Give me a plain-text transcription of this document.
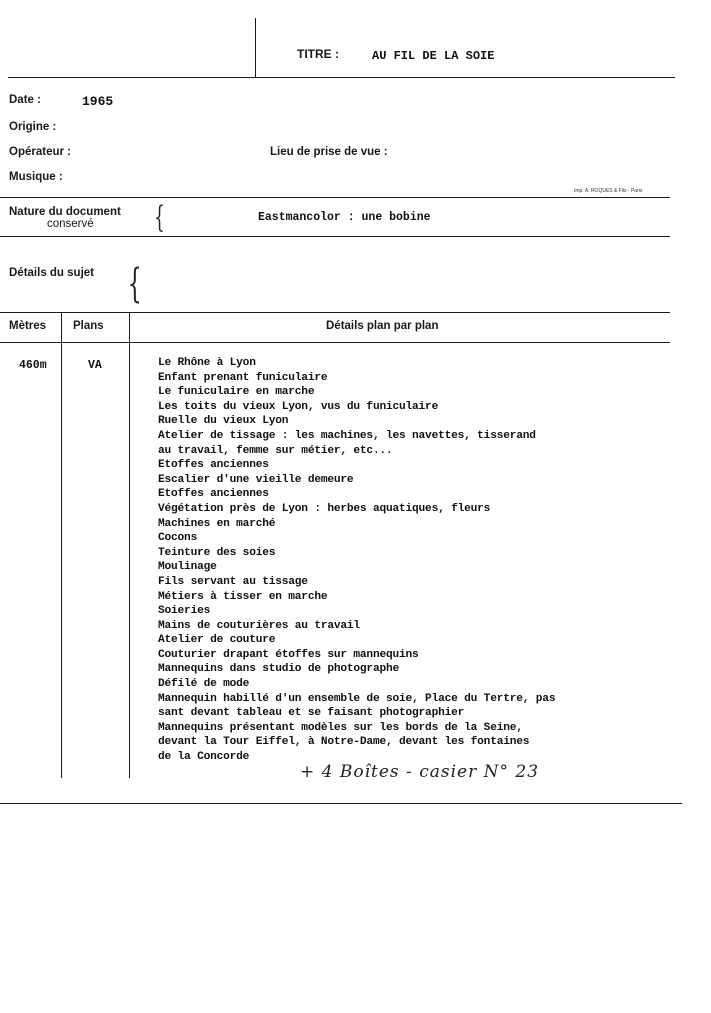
TITRE :	AU FIL DE LA SOIE
Date :	1965
Origine :
Opérateur :	Lieu de prise de vue :
Musique :
Imp. A. ROQUES & Fils - Paris
Nature du document
conservé {	Eastmancolor : une bobine
Détails du sujet {
Mètres Plans	Détails plan par plan
460m	VA	Le Rhône à Lyon
Enfant prenant funiculaire
Le funiculaire en marche
Les toits du vieux Lyon, vus du funiculaire
Ruelle du vieux Lyon
Atelier de tissage : les machines, les navettes, tisserand
au travail, femme sur métier, etc...
Etoffes anciennes
Escalier d'une vieille demeure
Etoffes anciennes
Végétation près de Lyon : herbes aquatiques, fleurs
Machines en marché
Cocons
Teinture des soies
Moulinage
Fils servant au tissage
Métiers à tisser en marche
Soieries
Mains de couturières au travail
Atelier de couture
Couturier drapant étoffes sur mannequins
Mannequins dans studio de photographe
Défilé de mode
Mannequin habillé d'un ensemble de soie, Place du Tertre, pas
sant devant tableau et se faisant photographier
Mannequins présentant modèles sur les bords de la Seine,
devant la Tour Eiffel, à Notre-Dame, devant les fontaines
de la Concorde
+ 4 Boîtes - casier N° 23
